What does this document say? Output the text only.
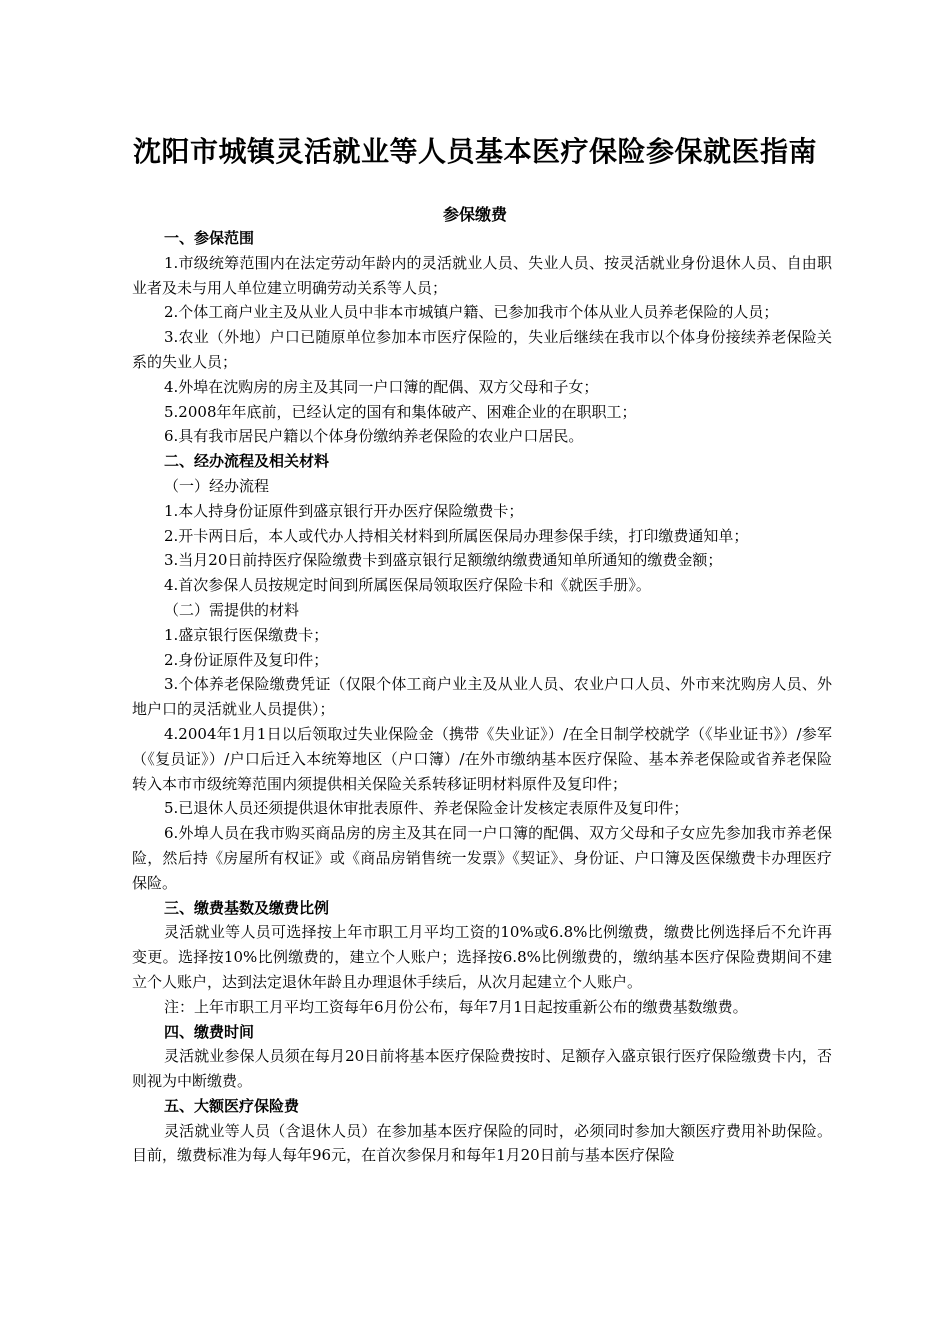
沈阳市城镇灵活就业等人员基本医疗保险参保就医指南
参保缴费

一、参保范围

1.市级统筹范围内在法定劳动年龄内的灵活就业人员、失业人员、按灵活就业身份退休人员、自由职业者及未与用人单位建立明确劳动关系等人员；

2.个体工商户业主及从业人员中非本市城镇户籍、已参加我市个体从业人员养老保险的人员；

3.农业（外地）户口已随原单位参加本市医疗保险的，失业后继续在我市以个体身份接续养老保险关系的失业人员；

4.外埠在沈购房的房主及其同一户口簿的配偶、双方父母和子女；

5.2008年年底前，已经认定的国有和集体破产、困难企业的在职职工；

6.具有我市居民户籍以个体身份缴纳养老保险的农业户口居民。

二、经办流程及相关材料

（一）经办流程

1.本人持身份证原件到盛京银行开办医疗保险缴费卡；

2.开卡两日后，本人或代办人持相关材料到所属医保局办理参保手续，打印缴费通知单；

3.当月20日前持医疗保险缴费卡到盛京银行足额缴纳缴费通知单所通知的缴费金额；

4.首次参保人员按规定时间到所属医保局领取医疗保险卡和《就医手册》。

（二）需提供的材料

1.盛京银行医保缴费卡；

2.身份证原件及复印件；

3.个体养老保险缴费凭证（仅限个体工商户业主及从业人员、农业户口人员、外市来沈购房人员、外地户口的灵活就业人员提供）；

4.2004年1月1日以后领取过失业保险金（携带《失业证》）/在全日制学校就学（《毕业证书》）/参军（《复员证》）/户口后迁入本统筹地区（户口簿）/在外市缴纳基本医疗保险、基本养老保险或省养老保险转入本市市级统筹范围内须提供相关保险关系转移证明材料原件及复印件；

5.已退休人员还须提供退休审批表原件、养老保险金计发核定表原件及复印件；

6.外埠人员在我市购买商品房的房主及其在同一户口簿的配偶、双方父母和子女应先参加我市养老保险，然后持《房屋所有权证》或《商品房销售统一发票》《契证》、身份证、户口簿及医保缴费卡办理医疗保险。

三、缴费基数及缴费比例

灵活就业等人员可选择按上年市职工月平均工资的10%或6.8%比例缴费，缴费比例选择后不允许再变更。选择按10%比例缴费的，建立个人账户；选择按6.8%比例缴费的，缴纳基本医疗保险费期间不建立个人账户，达到法定退休年龄且办理退休手续后，从次月起建立个人账户。

注：上年市职工月平均工资每年6月份公布，每年7月1日起按重新公布的缴费基数缴费。

四、缴费时间

灵活就业参保人员须在每月20日前将基本医疗保险费按时、足额存入盛京银行医疗保险缴费卡内，否则视为中断缴费。

五、大额医疗保险费

灵活就业等人员（含退休人员）在参加基本医疗保险的同时，必须同时参加大额医疗费用补助保险。目前，缴费标准为每人每年96元，在首次参保月和每年1月20日前与基本医疗保险
